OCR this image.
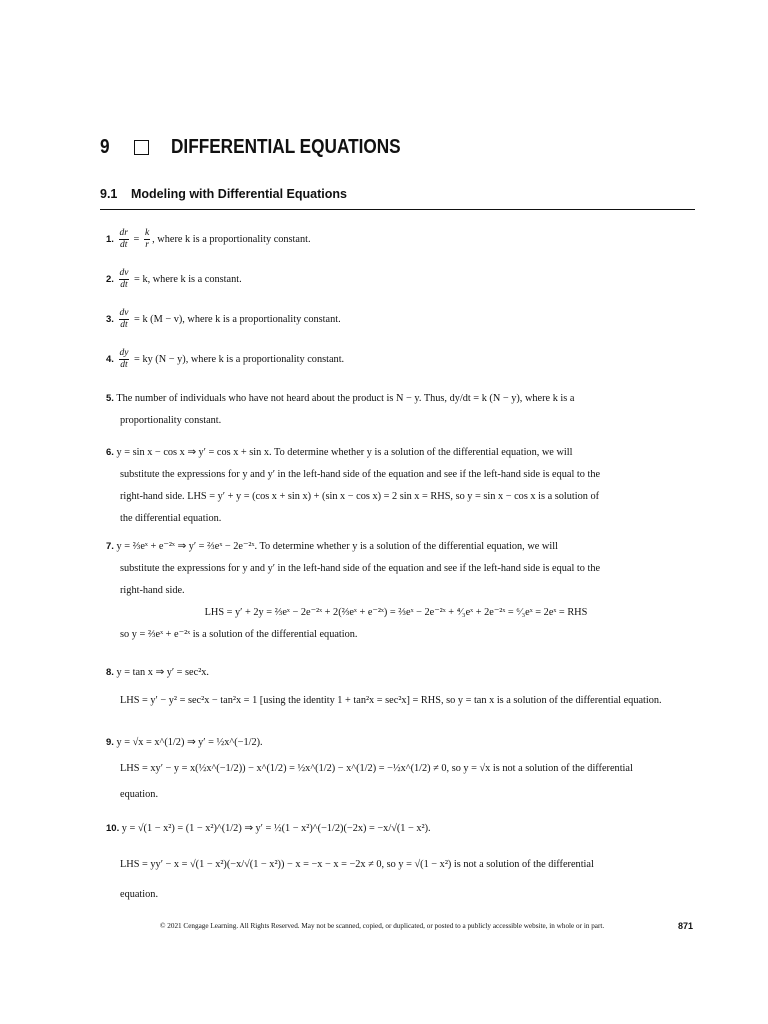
9	DIFFERENTIAL EQUATIONS
9.1 Modeling with Differential Equations
1. $\frac{dr}{dt} = \frac{k}{r}$ , where k is a proportionality constant.
2. $\frac{dv}{dt} = k$, where k is a constant.
3. $\frac{dv}{dt} = k$ (M − v), where k is a proportionality constant.
4. $\frac{dy}{dt}$ = ky (N − y), where k is a proportionality constant.
5. The number of individuals who have not heard about the product is N − y. Thus, dy/dt = k (N − y), where k is a
proportionality constant.
6. y = sin x − cos x ⇒ y′ = cos x + sin x. To determine whether y is a solution of the differential equation, we will
substitute the expressions for y and y′ in the left-hand side of the equation and see if the left-hand side is equal to the
right-hand side. LHS = y′ + y = (cos x + sin x) + (sin x − cos x) = 2 sin x = RHS, so y = sin x − cos x is a solution of
the differential equation.
7. y = ⅔eˣ + e⁻²ˣ ⇒ y′ = ⅔eˣ − 2e⁻²ˣ. To determine whether y is a solution of the differential equation, we will
substitute the expressions for y and y′ in the left-hand side of the equation and see if the left-hand side is equal to the
right-hand side.
LHS = y′ + 2y = ⅔eˣ − 2e⁻²ˣ + 2(⅔eˣ + e⁻²ˣ) = ⅔eˣ − 2e⁻²ˣ + ⁴⁄₃eˣ + 2e⁻²ˣ = ⁶⁄₃eˣ = 2eˣ = RHS
so y = ⅔eˣ + e⁻²ˣ is a solution of the differential equation.
8. y = tan x ⇒ y′ = sec²x.
LHS = y′ − y² = sec²x − tan²x = 1 [using the identity 1 + tan²x = sec²x] = RHS, so y = tan x is a solution of the differential equation.
9. y = √x = x^(1/2) ⇒ y′ = ½x^(−1/2).
LHS = xy′ − y = x(½x^(−1/2)) − x^(1/2) = ½x^(1/2) − x^(1/2) = −½x^(1/2) ≠ 0, so y = √x is not a solution of the differential
equation.
10. y = √(1 − x²) = (1 − x²)^(1/2) ⇒ y′ = ½(1 − x²)^(−1/2)(−2x) = −x/√(1 − x²).
LHS = yy′ − x = √(1 − x²)(−x/√(1 − x²)) − x = −x − x = −2x ≠ 0, so y = √(1 − x²) is not a solution of the differential
equation.
© 2021 Cengage Learning. All Rights Reserved. May not be scanned, copied, or duplicated, or posted to a publicly accessible website, in whole or in part.	871
